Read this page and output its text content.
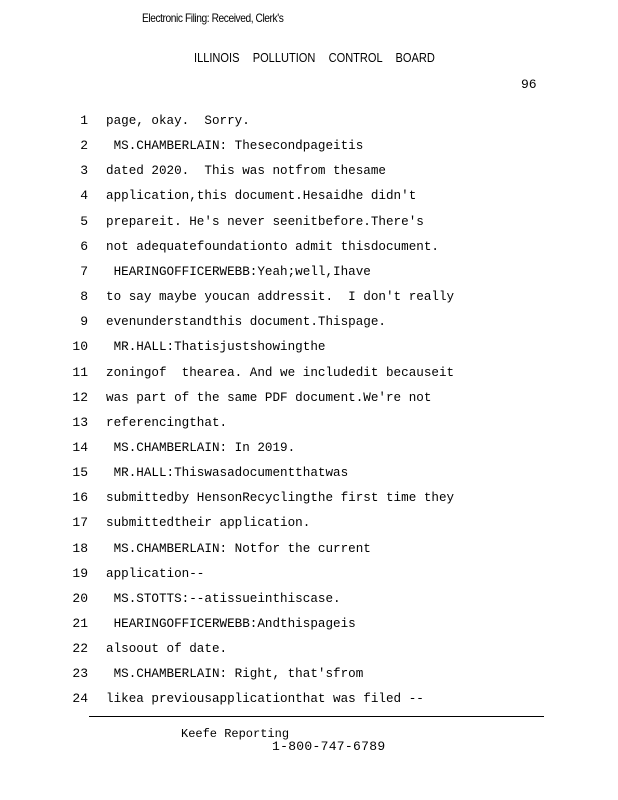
Electronic Filing: Received, Clerk's
ILLINOIS POLLUTION CONTROL BOARD
96
1 page, okay.  Sorry.
2 MS.CHAMBERLAIN: Thesecondpageitis
3 dated 2020.  This was notfrom thesame
4 application,this document.Hesaidhe didn't
5 prepareit. He's never seenitbefore.There's
6 not adequatefoundationto admit thisdocument.
7 HEARINGOFFICERWEBB:Yeah;well,Ihave
8 to say maybe youcan addressit.  I don't really
9 evenunderstandthis document.Thispage.
10 MR.HALL:Thatisjustshowingthe
11 zoningof  thearea. And we includedit becauseit
12 was part of the same PDF document.We're not
13 referencingthat.
14 MS.CHAMBERLAIN: In 2019.
15 MR.HALL:Thiswasadocumentthatwas
16 submittedby HensonRecyclingthe first time they
17 submittedtheir application.
18 MS.CHAMBERLAIN: Notfor the current
19 application--
20 MS.STOTTS:--atissueinthiscase.
21 HEARINGOFFICERWEBB:Andthispageis
22 alsoout of date.
23 MS.CHAMBERLAIN: Right, that'sfrom
24 likea previousapplicationthat was filed --
Keefe Reporting
1-800-747-6789
